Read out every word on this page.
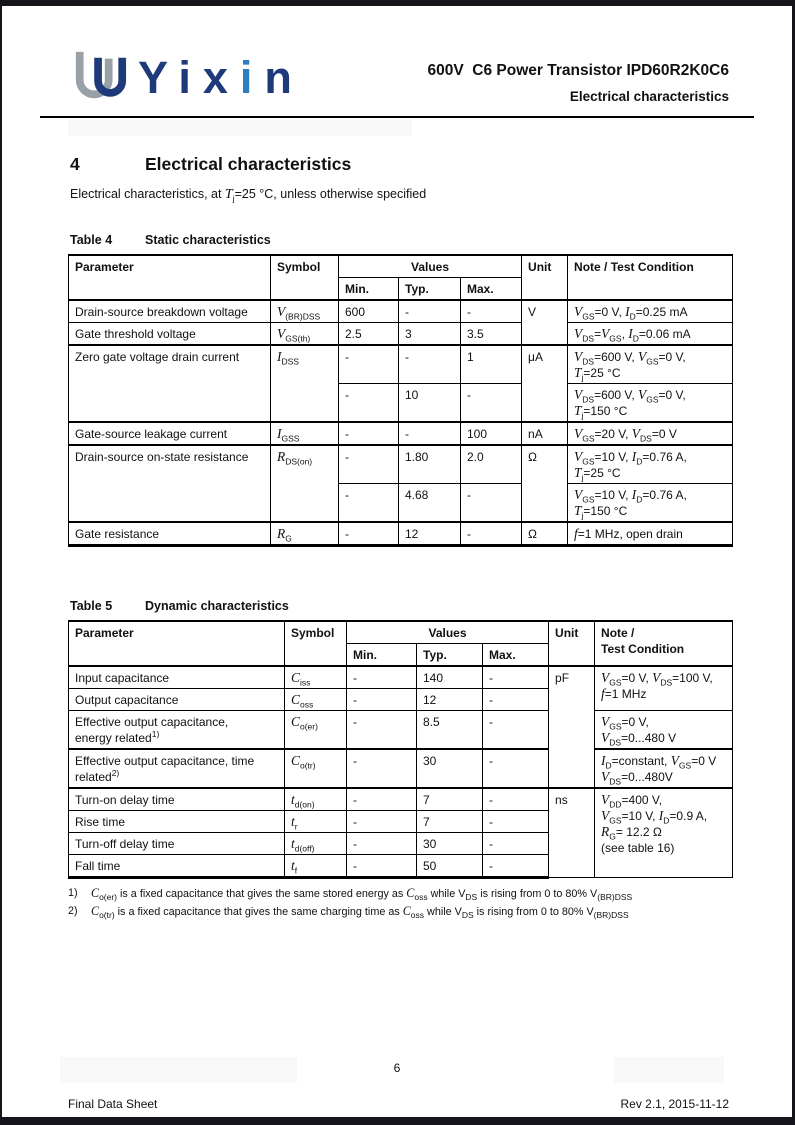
Yixin	600V  C6 Power Transistor IPD60R2K0C6
Electrical characteristics
4	Electrical characteristics

Electrical characteristics, at $T_j=25$ °C, unless otherwise specified

Table 4	Static characteristics
Parameter	Symbol	Values			Unit	Note / Test Condition
		Min.	Typ.	Max.		
Drain-source breakdown voltage	$V_{(BR)DSS}$	600	-	-	V	$V_{GS}=0$ V, $I_D=0.25$ mA
Gate threshold voltage	$V_{GS(th)}$	2.5	3	3.5		$V_{DS}=V_{GS}$, $I_D=0.06$ mA
Zero gate voltage drain current	$I_{DSS}$	-	-	1	μA	$V_{DS}=600$ V, $V_{GS}=0$ V,
$T_j=25$ °C
		-	10	-		$V_{DS}=600$ V, $V_{GS}=0$ V,
$T_j=150$ °C
Gate-source leakage current	$I_{GSS}$	-	-	100	nA	$V_{GS}=20$ V, $V_{DS}=0$ V
Drain-source on-state resistance	$R_{DS(on)}$	-	1.80	2.0	Ω	$V_{GS}=10$ V, $I_D=0.76$ A,
$T_j=25$ °C
		-	4.68	-		$V_{GS}=10$ V, $I_D=0.76$ A,
$T_j=150$ °C
Gate resistance	$R_G$	-	12	-	Ω	f=1 MHz, open drain
Table 5	Dynamic characteristics
Parameter	Symbol	Values			Unit	Note /
Test Condition
		Min.	Typ.	Max.		
Input capacitance	$C_{iss}$	-	140	-	pF	$V_{GS}=0$ V, $V_{DS}=100$ V,
f=1 MHz
Output capacitance	$C_{oss}$	-	12	-		
Effective output capacitance,
energy related$^{1)}$	$C_{o(er)}$	-	8.5	-		$V_{GS}=0$ V,
$V_{DS}=0...480$ V
Effective output capacitance, time
related$^{2)}$	$C_{o(tr)}$	-	30	-		$I_D=constant$, $V_{GS}=0$ V
$V_{DS}=0...480V$
Turn-on delay time	$t_{d(on)}$	-	7	-	ns	$V_{DD}=400$ V,
$V_{GS}=10$ V, $I_D=0.9$ A,
$R_G= 12.2$ Ω
(see table 16)
Rise time	$t_r$	-	7	-		
Turn-off delay time	$t_{d(off)}$	-	30	-		
Fall time	$t_f$	-	50	-		
1)	$C_{o(er)}$ is a fixed capacitance that gives the same stored energy as $C_{oss}$ while $V_{DS}$ is rising from 0 to 80% $V_{(BR)DSS}$
2)	$C_{o(tr)}$ is a fixed capacitance that gives the same charging time as $C_{oss}$ while $V_{DS}$ is rising from 0 to 80% $V_{(BR)DSS}$
6
Final Data Sheet	Rev 2.1, 2015-11-12
